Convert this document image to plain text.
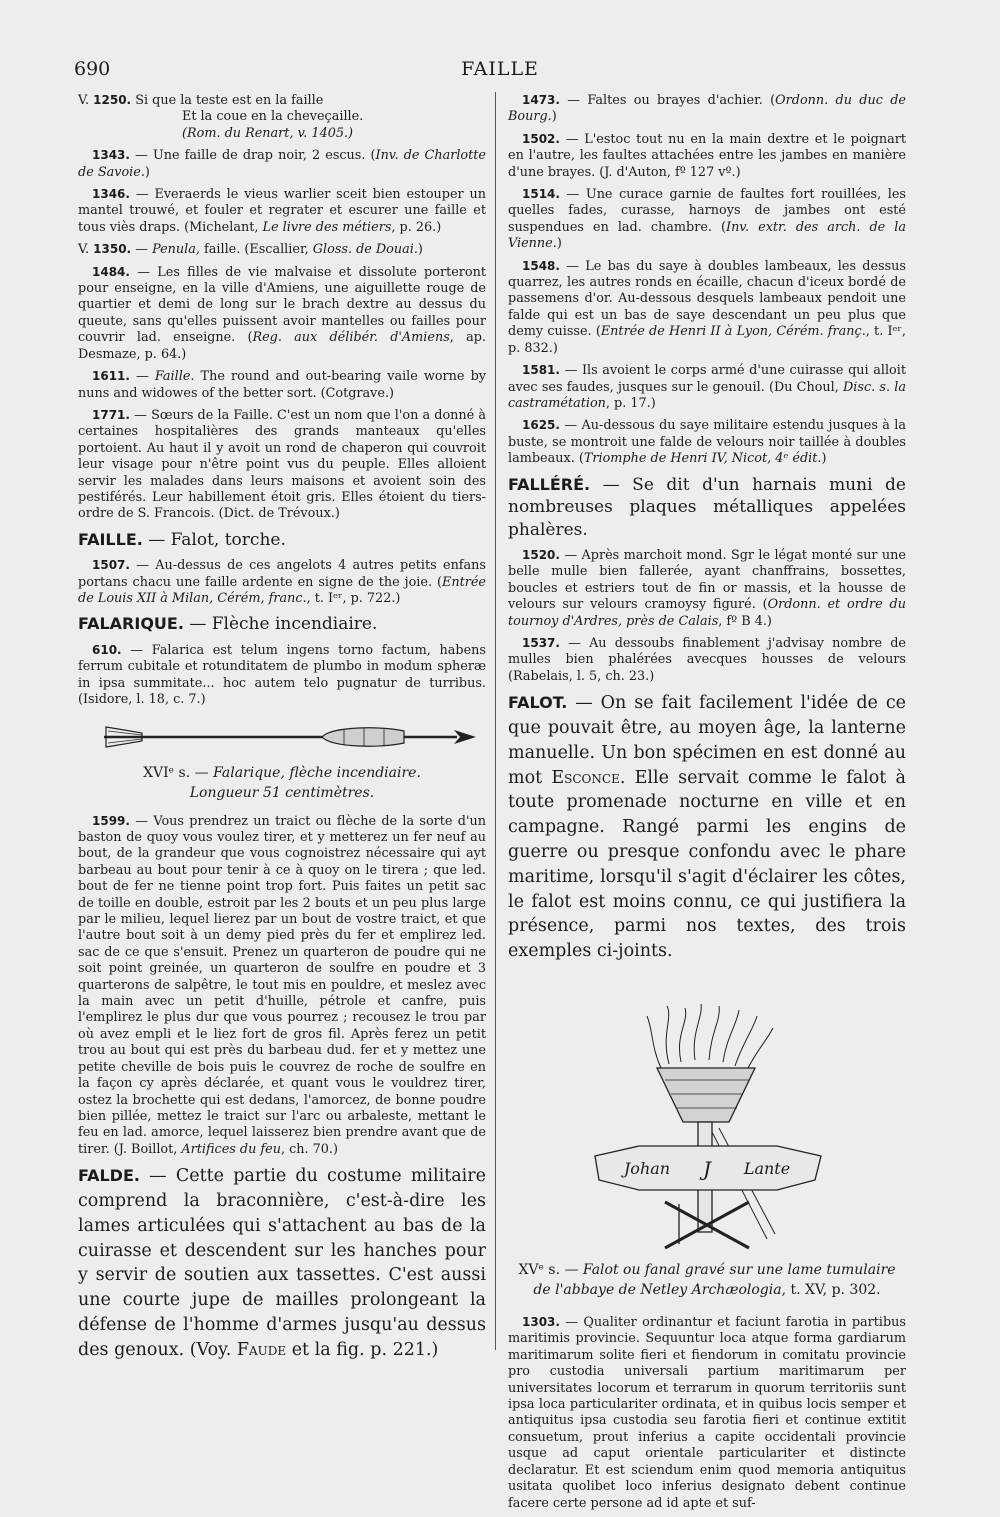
690	FAILLE
V. 1250. Si que la teste est en la faille
Et la coue en la cheveçaille.
(Rom. du Renart, v. 1405.)

1343. — Une faille de drap noir, 2 escus. (Inv. de Charlotte de Savoie.)

1346. — Everaerds le vieus warlier sceit bien estouper un mantel trouwé, et fouler et regrater et escurer une faille et tous viès draps. (Michelant, Le livre des métiers, p. 26.)

V. 1350. — Penula, faille. (Escallier, Gloss. de Douai.)

1484. — Les filles de vie malvaise et dissolute porteront pour enseigne, en la ville d'Amiens, une aiguillette rouge de quartier et demi de long sur le brach dextre au dessus du queute, sans qu'elles puissent avoir mantelles ou failles pour couvrir lad. enseigne. (Reg. aux délibér. d'Amiens, ap. Desmaze, p. 64.)

1611. — Faille. The round and out-bearing vaile worne by nuns and widowes of the better sort. (Cotgrave.)

1771. — Sœurs de la Faille. C'est un nom que l'on a donné à certaines hospitalières des grands manteaux qu'elles portoient. Au haut il y avoit un rond de chaperon qui couvroit leur visage pour n'être point vus du peuple. Elles alloient servir les malades dans leurs maisons et avoient soin des pestiférés. Leur habillement étoit gris. Elles étoient du tiers-ordre de S. Francois. (Dict. de Trévoux.)

FAILLE. — Falot, torche.

1507. — Au-dessus de ces angelots 4 autres petits enfans portans chacu une faille ardente en signe de the joie. (Entrée de Louis XII à Milan, Cérém, franc., t. Iᵉʳ, p. 722.)

FALARIQUE. — Flèche incendiaire.

610. — Falarica est telum ingens torno factum, habens ferrum cubitale et rotunditatem de plumbo in modum spheræ in ipsa summitate... hoc autem telo pugnatur de turribus. (Isidore, l. 18, c. 7.)

XVIᵉ s. — Falarique, flèche incendiaire.
Longueur 51 centimètres.

1599. — Vous prendrez un traict ou flèche de la sorte d'un baston de quoy vous voulez tirer, et y metterez un fer neuf au bout, de la grandeur que vous cognoistrez nécessaire qui ayt barbeau au bout pour tenir à ce à quoy on le tirera ; que led. bout de fer ne tienne point trop fort. Puis faites un petit sac de toille en double, estroit par les 2 bouts et un peu plus large par le milieu, lequel lierez par un bout de vostre traict, et que l'autre bout soit à un demy pied près du fer et emplirez led. sac de ce que s'ensuit. Prenez un quarteron de poudre qui ne soit point greinée, un quarteron de soulfre en poudre et 3 quarterons de salpêtre, le tout mis en pouldre, et meslez avec la main avec un petit d'huille, pétrole et canfre, puis l'emplirez le plus dur que vous pourrez ; recousez le trou par où avez empli et le liez fort de gros fil. Après ferez un petit trou au bout qui est près du barbeau dud. fer et y mettez une petite cheville de bois puis le couvrez de roche de soulfre en la façon cy après déclarée, et quant vous le vouldrez tirer, ostez la brochette qui est dedans, l'amorcez, de bonne poudre bien pillée, mettez le traict sur l'arc ou arbaleste, mettant le feu en lad. amorce, lequel laisserez bien prendre avant que de tirer. (J. Boillot, Artifices du feu, ch. 70.)

FALDE. — Cette partie du costume militaire comprend la braconnière, c'est-à-dire les lames articulées qui s'attachent au bas de la cuirasse et descendent sur les hanches pour y servir de soutien aux tassettes. C'est aussi une courte jupe de mailles prolongeant la défense de l'homme d'armes jusqu'au dessus des genoux. (Voy. Faude et la fig. p. 221.)

1473. — Faltes ou brayes d'achier. (Ordonn. du duc de Bourg.)

1502. — L'estoc tout nu en la main dextre et le poignart en l'autre, les faultes attachées entre les jambes en manière d'une brayes. (J. d'Auton, fº 127 vº.)

1514. — Une curace garnie de faultes fort rouillées, les quelles fades, curasse, harnoys de jambes ont esté suspendues en lad. chambre. (Inv. extr. des arch. de la Vienne.)

1548. — Le bas du saye à doubles lambeaux, les dessus quarrez, les autres ronds en écaille, chacun d'iceux bordé de passemens d'or. Au-dessous desquels lambeaux pendoit une falde qui est un bas de saye descendant un peu plus que demy cuisse. (Entrée de Henri II à Lyon, Cérém. franç., t. Iᵉʳ, p. 832.)

1581. — Ils avoient le corps armé d'une cuirasse qui alloit avec ses faudes, jusques sur le genouil. (Du Choul, Disc. s. la castramétation, p. 17.)

1625. — Au-dessous du saye militaire estendu jusques à la buste, se montroit une falde de velours noir taillée à doubles lambeaux. (Triomphe de Henri IV, Nicot, 4ᵉ édit.)

FALLÉRÉ. — Se dit d'un harnais muni de nombreuses plaques métalliques appelées phalères.

1520. — Après marchoit mond. Sgr le légat monté sur une belle mulle bien fallerée, ayant chanffrains, bossettes, boucles et estriers tout de fin or massis, et la housse de velours sur velours cramoysy figuré. (Ordonn. et ordre du tournoy d'Ardres, près de Calais, fº B 4.)

1537. — Au dessoubs finablement j'advisay nombre de mulles bien phalérées avecques housses de velours (Rabelais, l. 5, ch. 23.)

FALOT. — On se fait facilement l'idée de ce que pouvait être, au moyen âge, la lanterne manuelle. Un bon spécimen en est donné au mot Esconce. Elle servait comme le falot à toute promenade nocturne en ville et en campagne. Rangé parmi les engins de guerre ou presque confondu avec le phare maritime, lorsqu'il s'agit d'éclairer les côtes, le falot est moins connu, ce qui justifiera la présence, parmi nos textes, des trois exemples ci-joints.

Johan J Lante
XVᵉ s. — Falot ou fanal gravé sur une lame tumulaire
de l'abbaye de Netley Archæologia, t. XV, p. 302.

1303. — Qualiter ordinantur et faciunt farotia in partibus maritimis provincie. Sequuntur loca atque forma gardiarum maritimarum solite fieri et fiendorum in comitatu provincie pro custodia universali partium maritimarum per universitates locorum et terrarum in quorum territoriis sunt ipsa loca particulariter ordinata, et in quibus locis semper et antiquitus ipsa custodia seu farotia fieri et continue extitit consuetum, prout inferius a capite occidentali provincie usque ad caput orientale particulariter et distincte declaratur. Et est sciendum enim quod memoria antiquitus usitata quolibet loco inferius designato debent continue facere certe persone ad id apte et suf-
